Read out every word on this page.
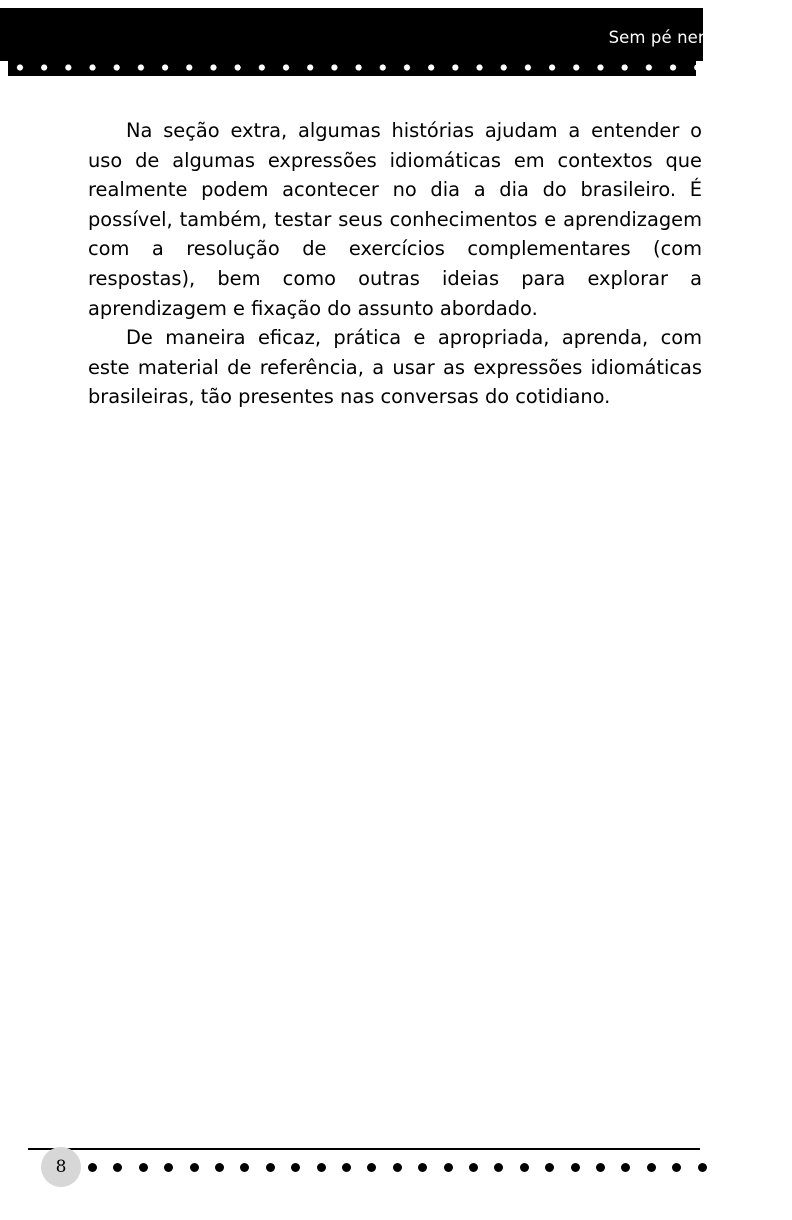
Sem pé nem cabeça

Na seção extra, algumas histórias ajudam a entender o uso de algumas expressões idiomáticas em contextos que realmente podem acontecer no dia a dia do brasileiro. É possível, também, testar seus conhecimentos e aprendizagem com a resolução de exercícios complementares (com respostas), bem como outras ideias para explorar a aprendizagem e fixação do assunto abordado.

De maneira eficaz, prática e apropriada, aprenda, com este material de referência, a usar as expressões idiomáticas brasileiras, tão presentes nas conversas do cotidiano.

8
